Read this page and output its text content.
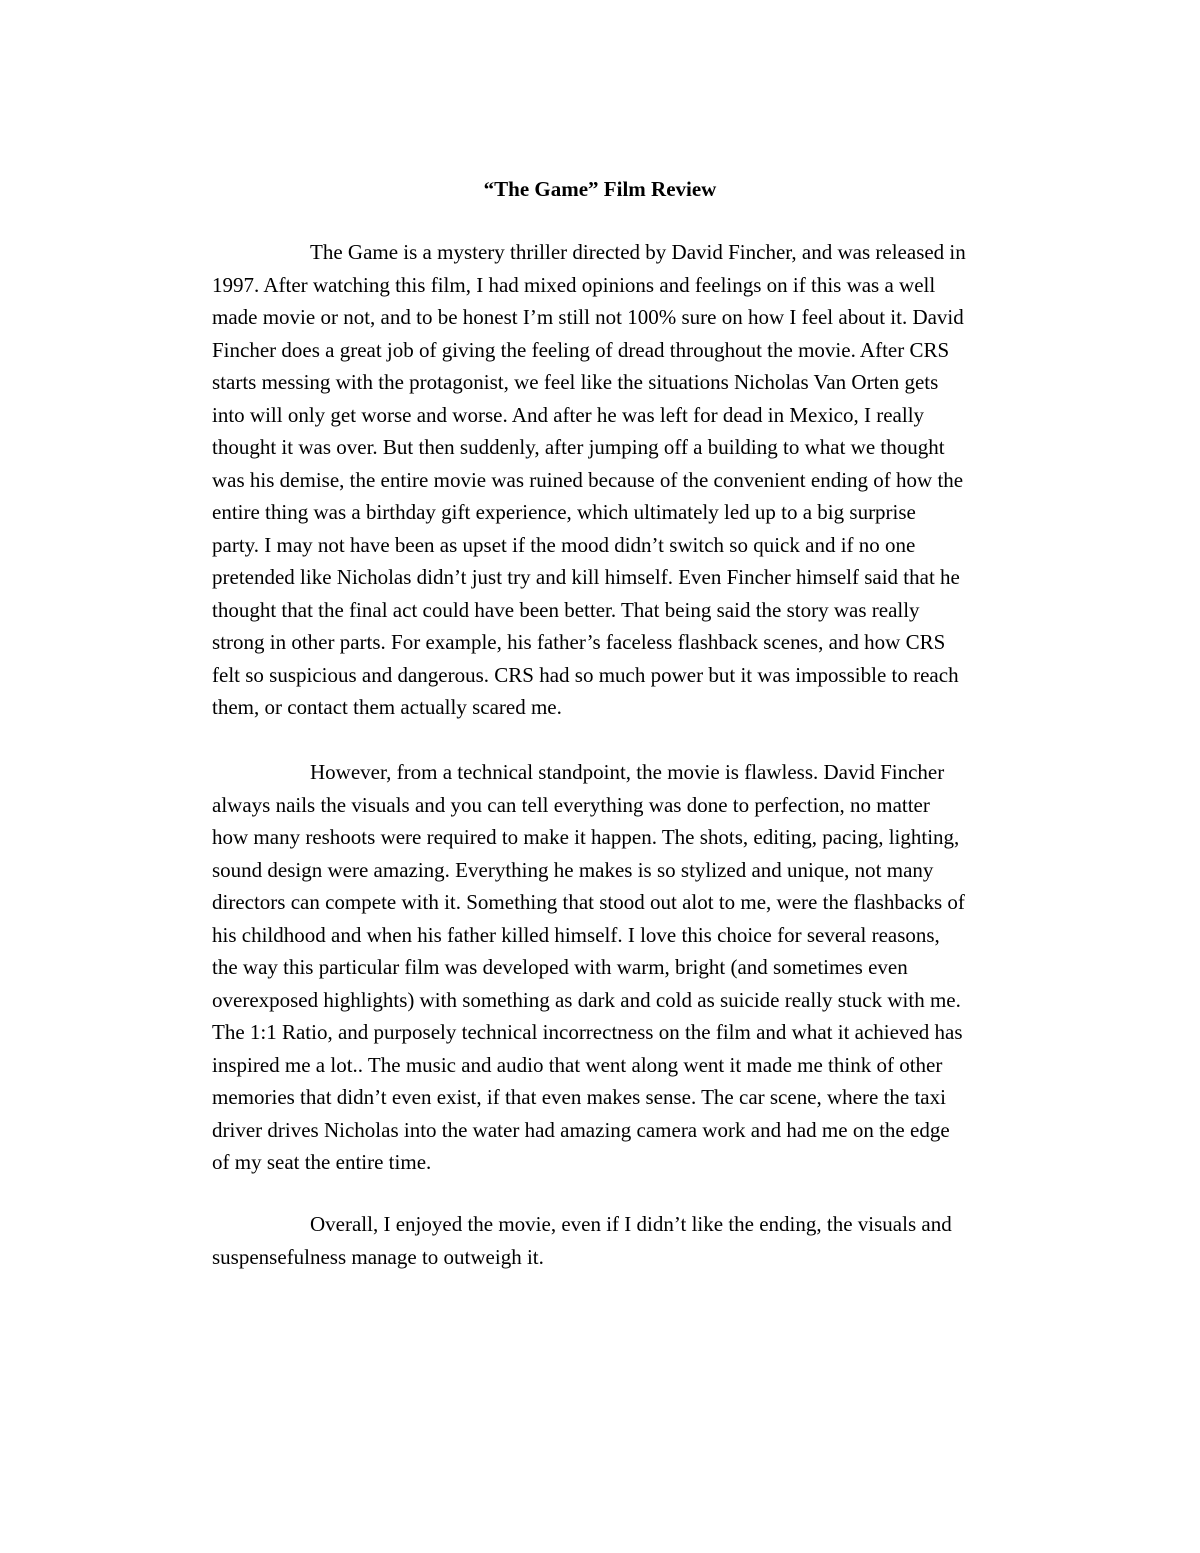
“The Game” Film Review
The Game is a mystery thriller directed by David Fincher, and was released in
1997. After watching this film, I had mixed opinions and feelings on if this was a well
made movie or not, and to be honest I’m still not 100% sure on how I feel about it. David
Fincher does a great job of giving the feeling of dread throughout the movie. After CRS
starts messing with the protagonist, we feel like the situations Nicholas Van Orten gets
into will only get worse and worse. And after he was left for dead in Mexico, I really
thought it was over. But then suddenly, after jumping off a building to what we thought
was his demise, the entire movie was ruined because of the convenient ending of how the
entire thing was a birthday gift experience, which ultimately led up to a big surprise
party. I may not have been as upset if the mood didn’t switch so quick and if no one
pretended like Nicholas didn’t just try and kill himself. Even Fincher himself said that he
thought that the final act could have been better. That being said the story was really
strong in other parts. For example, his father’s faceless flashback scenes, and how CRS
felt so suspicious and dangerous. CRS had so much power but it was impossible to reach
them, or contact them actually scared me.
However, from a technical standpoint, the movie is flawless. David Fincher
always nails the visuals and you can tell everything was done to perfection, no matter
how many reshoots were required to make it happen. The shots, editing, pacing, lighting,
sound design were amazing. Everything he makes is so stylized and unique, not many
directors can compete with it. Something that stood out alot to me, were the flashbacks of
his childhood and when his father killed himself. I love this choice for several reasons,
the way this particular film was developed with warm, bright (and sometimes even
overexposed highlights) with something as dark and cold as suicide really stuck with me.
The 1:1 Ratio, and purposely technical incorrectness on the film and what it achieved has
inspired me a lot.. The music and audio that went along went it made me think of other
memories that didn’t even exist, if that even makes sense. The car scene, where the taxi
driver drives Nicholas into the water had amazing camera work and had me on the edge
of my seat the entire time.
Overall, I enjoyed the movie, even if I didn’t like the ending, the visuals and
suspensefulness manage to outweigh it.
